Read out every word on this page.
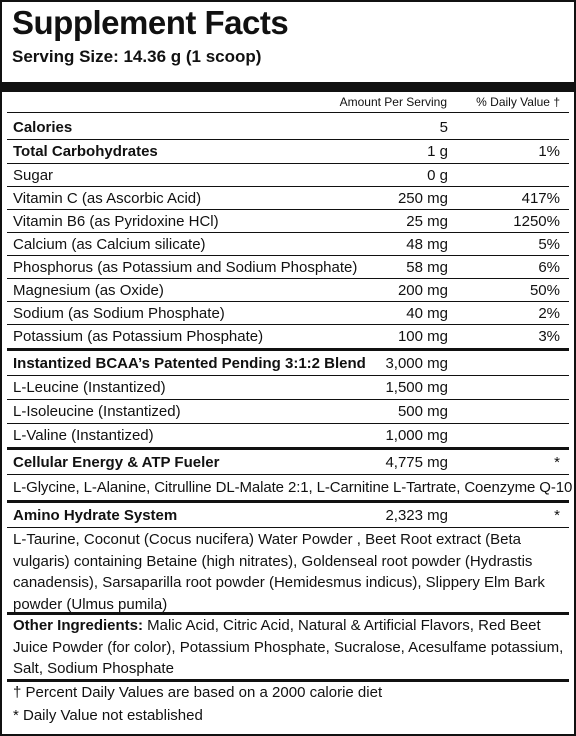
Supplement Facts
Serving Size: 14.36 g (1 scoop)
Amount Per Serving % Daily Value †
Calories	5
Total Carbohydrates	1 g	1%
Sugar	0 g
Vitamin C (as Ascorbic Acid)	250 mg	417%
Vitamin B6 (as Pyridoxine HCl)	25 mg	1250%
Calcium (as Calcium silicate)	48 mg	5%
Phosphorus (as Potassium and Sodium Phosphate)	58 mg	6%
Magnesium (as Oxide)	200 mg	50%
Sodium (as Sodium Phosphate)	40 mg	2%
Potassium (as Potassium Phosphate)	100 mg	3%
Instantized BCAA’s Patented Pending 3:1:2 Blend 3,000 mg
L-Leucine (Instantized)	1,500 mg
L-Isoleucine (Instantized)	500 mg
L-Valine (Instantized)	1,000 mg
Cellular Energy & ATP Fueler	4,775 mg	*
L-Glycine, L-Alanine, Citrulline DL-Malate 2:1, L-Carnitine L-Tartrate, Coenzyme Q-10
Amino Hydrate System	2,323 mg	*
L-Taurine, Coconut (Cocus nucifera) Water Powder , Beet Root extract (Beta vulgaris) containing Betaine (high nitrates), Goldenseal root powder (Hydrastis canadensis), Sarsaparilla root powder (Hemidesmus indicus), Slippery Elm Bark powder (Ulmus pumila)
Other Ingredients: Malic Acid, Citric Acid, Natural & Artificial Flavors, Red Beet Juice Powder (for color), Potassium Phosphate, Sucralose, Acesulfame potassium, Salt, Sodium Phosphate
† Percent Daily Values are based on a 2000 calorie diet
* Daily Value not established
